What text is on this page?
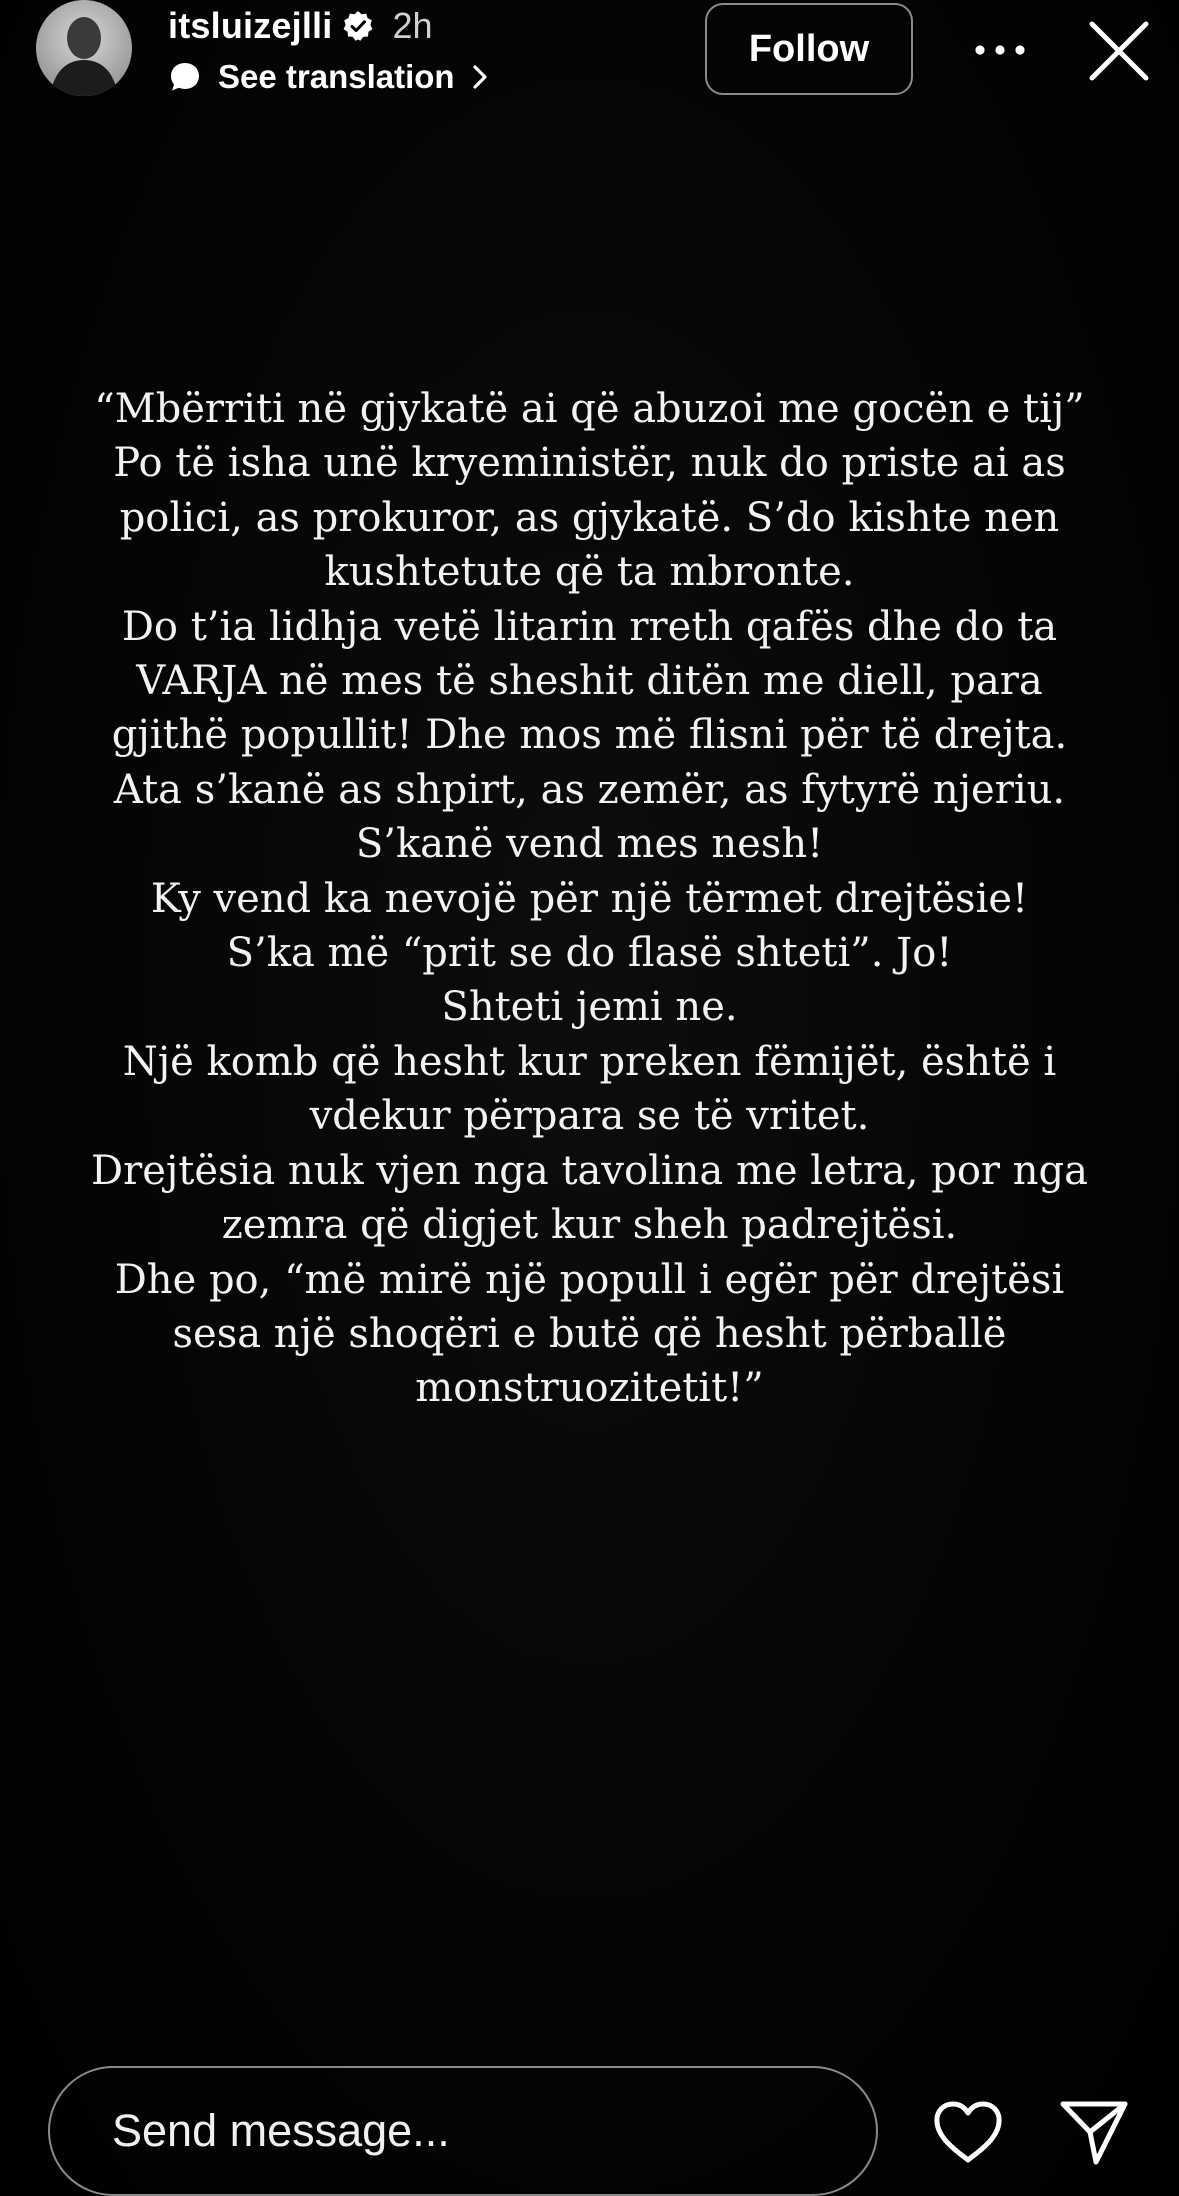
itsluizejlli 2h
See translation
Follow
“Mbërriti në gjykatë ai që abuzoi me gocën e tij”
Po të isha unë kryeministër, nuk do priste ai as
polici, as prokuror, as gjykatë. S’do kishte nen
kushtetute që ta mbronte.
Do t’ia lidhja vetë litarin rreth qafës dhe do ta
VARJA në mes të sheshit ditën me diell, para
gjithë popullit! Dhe mos më flisni për të drejta.
Ata s’kanë as shpirt, as zemër, as fytyrë njeriu.
S’kanë vend mes nesh!
Ky vend ka nevojë për një tërmet drejtësie!
S’ka më “prit se do flasë shteti”. Jo!
Shteti jemi ne.
Një komb që hesht kur preken fëmijët, është i
vdekur përpara se të vritet.
Drejtësia nuk vjen nga tavolina me letra, por nga
zemra që digjet kur sheh padrejtësi.
Dhe po, “më mirë një popull i egër për drejtësi
sesa një shoqëri e butë që hesht përballë
monstruozitetit!”
Send message...
